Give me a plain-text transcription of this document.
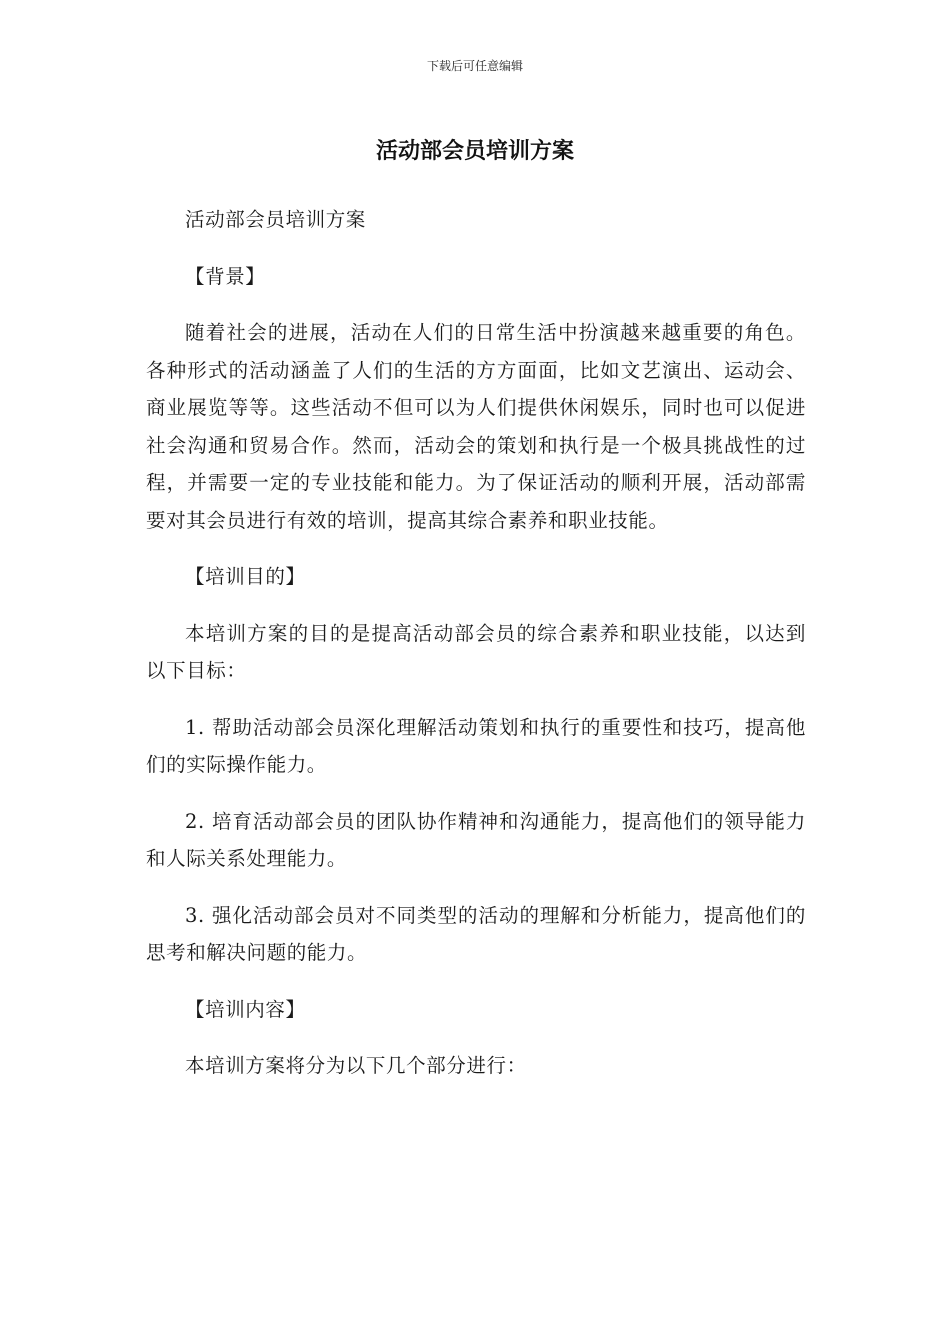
下载后可任意编辑
活动部会员培训方案

活动部会员培训方案

【背景】

随着社会的进展，活动在人们的日常生活中扮演越来越重要的角色。各种形式的活动涵盖了人们的生活的方方面面，比如文艺演出、运动会、商业展览等等。这些活动不但可以为人们提供休闲娱乐，同时也可以促进社会沟通和贸易合作。然而，活动会的策划和执行是一个极具挑战性的过程，并需要一定的专业技能和能力。为了保证活动的顺利开展，活动部需要对其会员进行有效的培训，提高其综合素养和职业技能。

【培训目的】

本培训方案的目的是提高活动部会员的综合素养和职业技能，以达到以下目标：

1. 帮助活动部会员深化理解活动策划和执行的重要性和技巧，提高他们的实际操作能力。

2. 培育活动部会员的团队协作精神和沟通能力，提高他们的领导能力和人际关系处理能力。

3. 强化活动部会员对不同类型的活动的理解和分析能力，提高他们的思考和解决问题的能力。

【培训内容】

本培训方案将分为以下几个部分进行：
